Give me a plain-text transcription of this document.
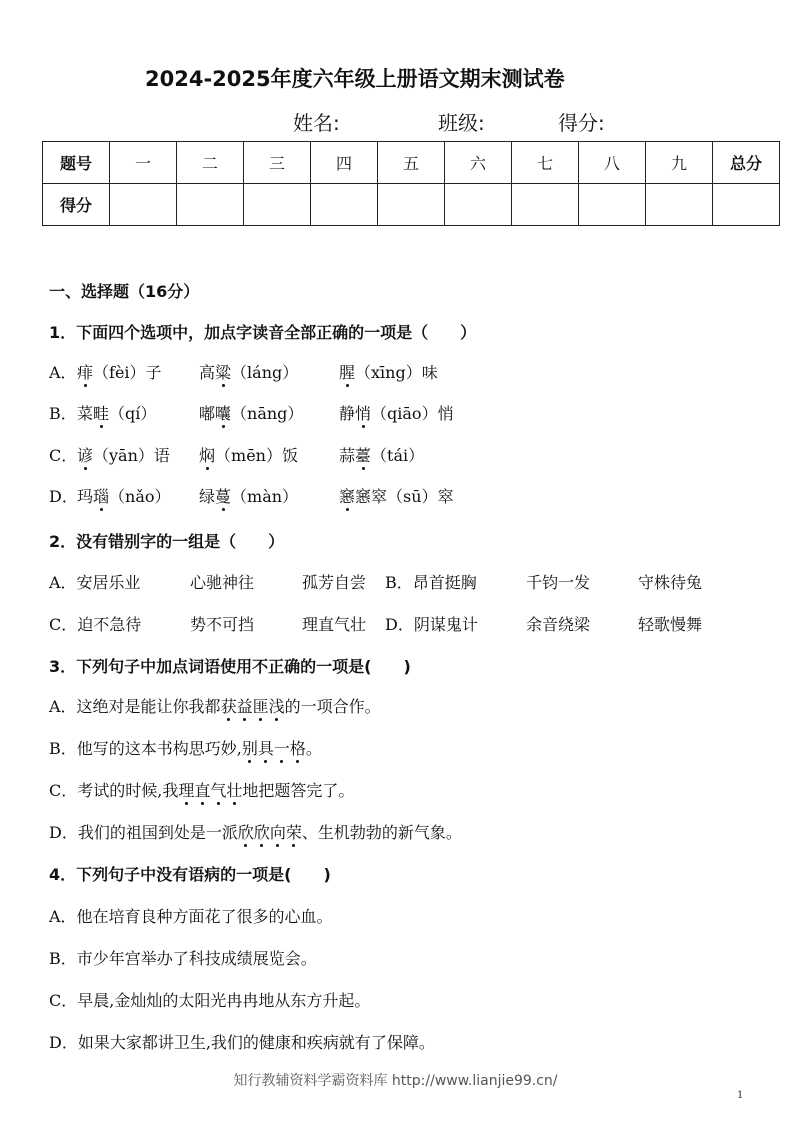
2024-2025年度六年级上册语文期末测试卷
姓名:	班级:	得分:
题号	一	二	三	四	五	六	七	八	九	总分
得分										
一、选择题（16分）
1．下面四个选项中，加点字读音全部正确的一项是（　　）
A． 痱（fèi）子 高粱（láng）	腥（xīng）味
B． 菜畦（qí）	嘟囔（nāng） 静悄（qiāo）悄
C． 谚（yān）语 焖（mēn）饭	蒜薹（tái）
D． 玛瑙（nǎo） 绿蔓（màn）	窸窸窣（sū）窣
2．没有错别字的一组是（　　）
A．安居乐业	心驰神往	孤芳自尝 B．昂首挺胸	千钧一发	守株待兔
C．迫不急待	势不可挡	理直气壮 D．阴谋鬼计	余音绕梁	轻歌慢舞
3．下列句子中加点词语使用不正确的一项是(　　)
A．这绝对是能让你我都获益匪浅的一项合作。
B．他写的这本书构思巧妙,别具一格。
C．考试的时候,我理直气壮地把题答完了。
D．我们的祖国到处是一派欣欣向荣、生机勃勃的新气象。
4．下列句子中没有语病的一项是(　　)
A．他在培育良种方面花了很多的心血。
B．市少年宫举办了科技成绩展览会。
C．早晨,金灿灿的太阳光冉冉地从东方升起。
D．如果大家都讲卫生,我们的健康和疾病就有了保障。
知行教辅资料学霸资料库 http://www.lianjie99.cn/
1
